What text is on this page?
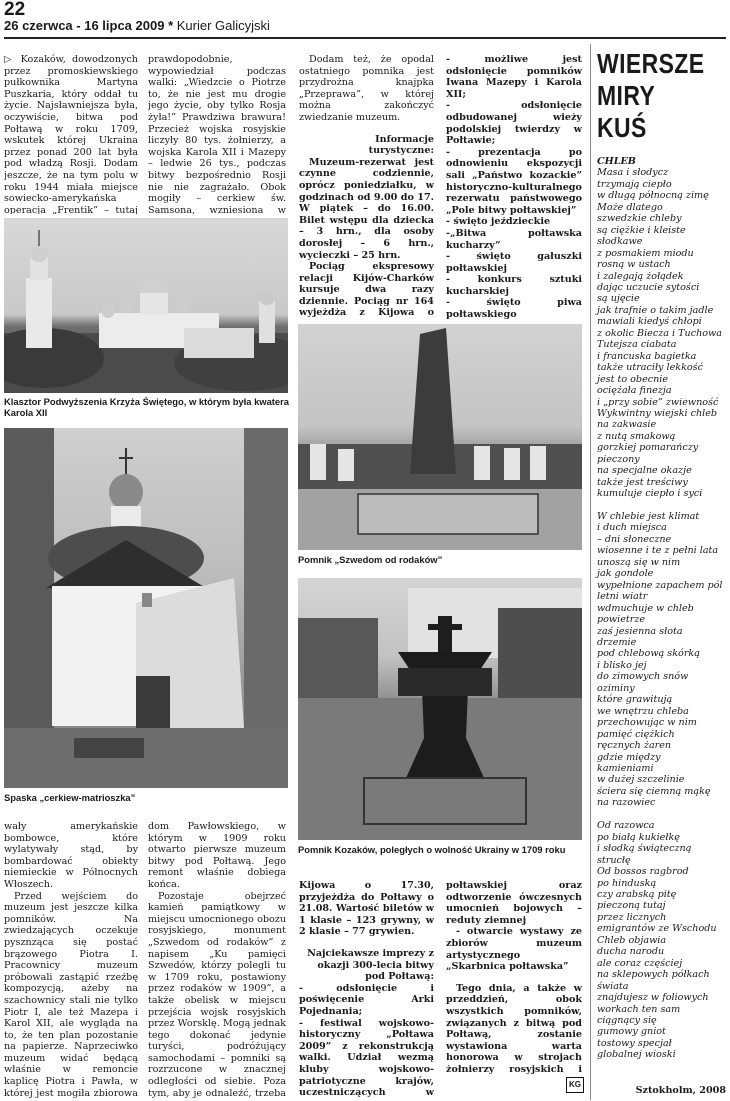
22
26 czerwca - 16 lipca 2009 * Kurier Galicyjski

▷ Kozaków, dowodzonych przez promoskiewskiego pułkownika Martyna Puszkaria, który oddał tu życie. Najsławniejsza była, oczywiście, bitwa pod Połtawą w roku 1709, wskutek której Ukraina przez ponad 200 lat była pod władzą Rosji. Dodam jeszcze, że na tym polu w roku 1944 miała miejsce sowiecko-amerykańska operacja „Frentik” – tutaj

prawdopodobnie, wypowiedział podczas walki: „Wiedzcie o Piotrze to, że nie jest mu drogie jego życie, oby tylko Rosja żyła!” Prawdziwa brawura! Przecież wojska rosyjskie liczyły 80 tys. żołnierzy, a wojska Karola XII i Mazepy – ledwie 26 tys., podczas bitwy bezpośrednio Rosji nie nie zagrażało. Obok mogiły – cerkiew św. Samsona, wzniesiona w

Klasztor Podwyższenia Krzyża Świętego, w którym była kwatera Karola XII
Spaska „cerkiew-matrioszka”

wały amerykańskie bombowce, które wylatywały stąd, by bombardować obiekty niemieckie w Północnych Włoszech.

Przed wejściem do muzeum jest jeszcze kilka pomników. Na zwiedzających oczekuje pysznząca się postać brązowego Piotra I. Pracownicy muzeum próbowali zastąpić rzeźbę kompozycją, ażeby na szachownicy stali nie tylko Piotr I, ale też Mazepa i Karol XII, ale wygląda na to, że ten plan pozostanie na papierze. Naprzeciwko muzeum widać będącą właśnie w remoncie kaplicę Piotra i Pawła, w której jest mogiła zbiorowa

dom Pawłowskiego, w którym w 1909 roku otwarto pierwsze muzeum bitwy pod Połtawą. Jego remont właśnie dobiega końca.

Pozostaje obejrzeć kamień pamiątkowy w miejscu umocnionego obozu rosyjskiego, monument „Szwedom od rodaków” z napisem „Ku pamięci Szwedów, którzy polegli tu w 1709 roku, postawiony przez rodaków w 1909”, a także obelisk w miejscu przejścia wojsk rosyjskich przez Worsklę. Mogą jednak tego dokonać jedynie turyści, podróżujący samochodami – pomniki są rozrzucone w znacznej odległości od siebie. Poza tym, aby je odnaleźć, trzeba

Dodam też, że opodal ostatniego pomnika jest przydrożna knajpka „Przeprawa”, w której można zakończyć zwiedzanie muzeum.

Informacje

turystyczne:

Muzeum-rezerwat jest czynne codziennie, oprócz poniedziałku, w godzinach od 9.00 do 17. W piątek – do 16.00. Bilet wstępu dla dziecka – 3 hrn., dla osoby dorosłej – 6 hrn., wycieczki – 25 hrn.

Pociąg ekspresowy relacji Kijów-Charków kursuje dwa razy dziennie. Pociąg nr 164 wyjeżdża z Kijowa o

- możliwe jest odsłonięcie pomników Iwana Mazepy i Karola XII;

- odsłonięcie odbudowanej wieży podolskiej twierdzy w Połtawie;

- prezentacja po odnowieniu ekspozycji sali „Państwo kozackie” historyczno-kulturalnego rezerwatu państwowego „Pole bitwy połtawskiej”

- święto jeździeckie

-„Bitwa połtawska kucharzy”

- święto gałuszki połtawskiej

- konkurs sztuki kucharskiej

- święto piwa połtawskiego

Pomnik „Szwedom od rodaków”
Pomnik Kozaków, poległych o wolność Ukrainy w 1709 roku

Kijowa o 17.30, przyjeżdża do Połtawy o 21.08. Wartość biletów w 1 klasie – 123 grywny, w 2 klasie – 77 grywien.

Najciekawsze imprezy z okazji 300-lecia bitwy pod Połtawą:

- odsłonięcie i poświęcenie Arki Pojednania;

- festiwal wojskowo-historyczny „Połtawa 2009” z rekonstrukcją walki. Udział wezmą kluby wojskowo-patriotyczne krajów, uczestniczących w

połtawskiej oraz odtworzenie ówczesnych umocnień bojowych – reduty ziemnej

- otwarcie wystawy ze zbiorów muzeum artystycznego „Skarbnica połtawska”

Tego dnia, a także w przeddzień, obok wszystkich pomników, związanych z bitwą pod Połtawą, zostanie wystawiona warta honorowa w strojach żołnierzy rosyjskich i

KG
WIERSZE
MIRY KUŚ
CHLEB
Masa i słodycz
trzymają ciepło
w długą północną zimę
Może dlatego
szwedzkie chleby
są ciężkie i kleiste
słodkawe
z posmakiem miodu
rosną w ustach
i zalegają żołądek
dając uczucie sytości
są ujęcie
jak trafnie o takim jadle
mawiali kiedyś chłopi
z okolic Biecza i Tuchowa
Tutejsza ciabata
i francuska bagietka
także utraciły lekkość
jest to obecnie
ociężała finezja
i „przy sobie” zwiewność
Wykwintny wiejski chleb
na zakwasie
z nutą smakową
gorzkiej pomarańczy
pieczony
na specjalne okazje
także jest treściwy
kumuluje ciepło i syci
W chlebie jest klimat
i duch miejsca
– dni słoneczne
wiosenne i te z pełni lata
unoszą się w nim
jak gondole
wypełnione zapachem pól
letni wiatr
wdmuchuje w chleb
powietrze
zaś jesienna słota
drzemie
pod chlebową skórką
i blisko jej
do zimowych snów
oziminy
które grawitują
we wnętrzu chleba
przechowując w nim
pamięć ciężkich
ręcznych żaren
gdzie między
kamieniami
w dużej szczelinie
ściera się ciemną mąkę
na razowiec
Od razowca
po białą kukiełkę
i słodką świąteczną
strucłę
Od bossos ragbrod
po hinduską
czy arabską pitę
pieczoną tutaj
przez licznych
emigrantów ze Wschodu
Chleb objawia
ducha narodu
ale coraz częściej
na sklepowych półkach
świata
znajdujesz w foliowych
workach ten sam
ciągnący się
gumowy gniot
tostowy specjał
globalnej wioski
Sztokholm, 2008
